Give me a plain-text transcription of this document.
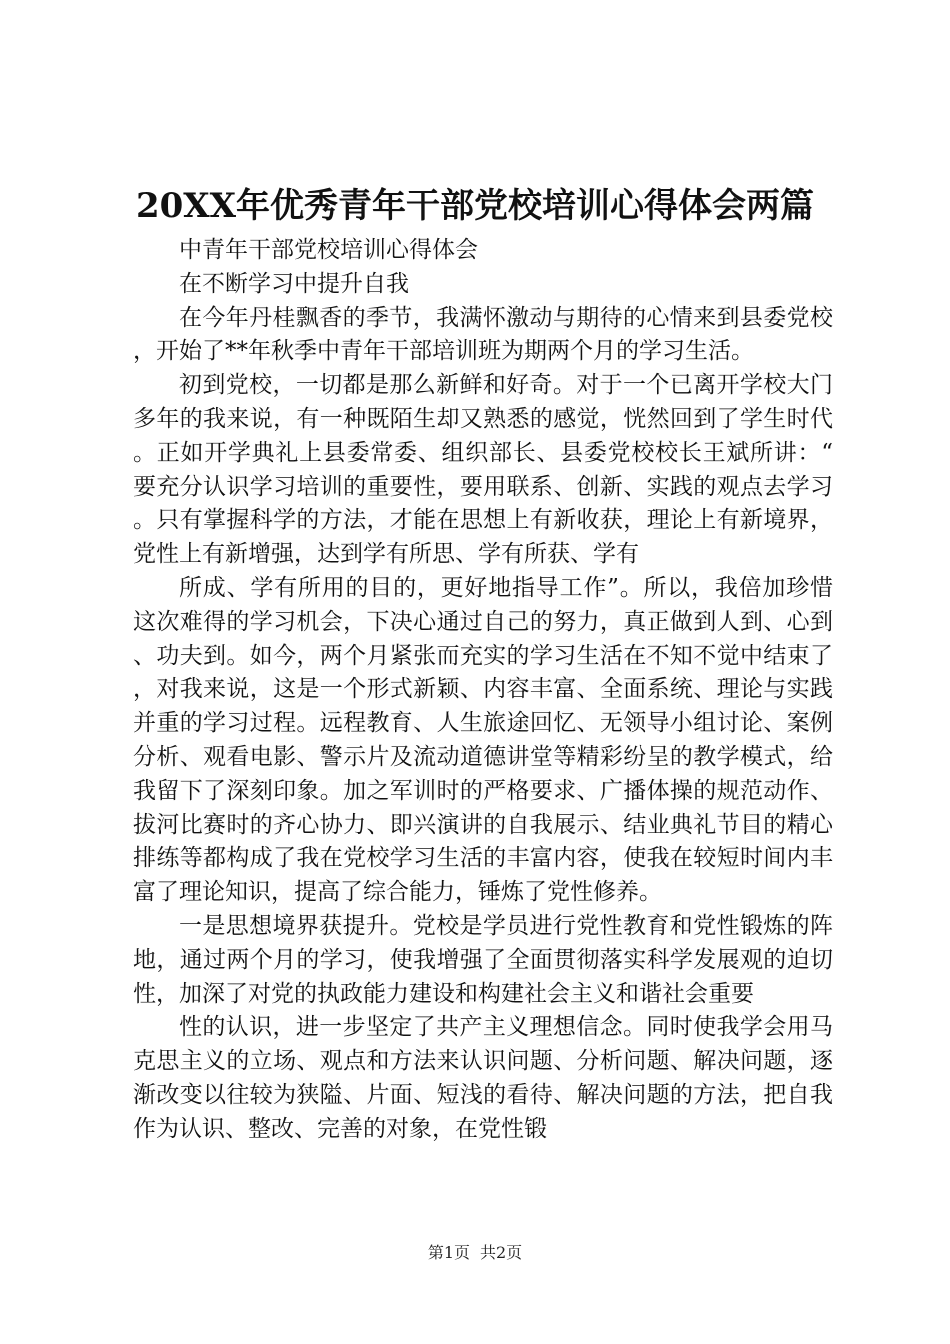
20XX年优秀青年干部党校培训心得体会两篇

中青年干部党校培训心得体会

在不断学习中提升自我

在今年丹桂飘香的季节，我满怀激动与期待的心情来到县委党校，开始了**年秋季中青年干部培训班为期两个月的学习生活。

初到党校，一切都是那么新鲜和好奇。对于一个已离开学校大门多年的我来说，有一种既陌生却又熟悉的感觉，恍然回到了学生时代。正如开学典礼上县委常委、组织部长、县委党校校长王斌所讲：“要充分认识学习培训的重要性，要用联系、创新、实践的观点去学习。只有掌握科学的方法，才能在思想上有新收获，理论上有新境界，党性上有新增强，达到学有所思、学有所获、学有

所成、学有所用的目的，更好地指导工作”。所以，我倍加珍惜这次难得的学习机会，下决心通过自己的努力，真正做到人到、心到、功夫到。如今，两个月紧张而充实的学习生活在不知不觉中结束了，对我来说，这是一个形式新颖、内容丰富、全面系统、理论与实践并重的学习过程。远程教育、人生旅途回忆、无领导小组讨论、案例分析、观看电影、警示片及流动道德讲堂等精彩纷呈的教学模式，给我留下了深刻印象。加之军训时的严格要求、广播体操的规范动作、拔河比赛时的齐心协力、即兴演讲的自我展示、结业典礼节目的精心排练等都构成了我在党校学习生活的丰富内容，使我在较短时间内丰富了理论知识，提高了综合能力，锤炼了党性修养。

一是思想境界获提升。党校是学员进行党性教育和党性锻炼的阵地，通过两个月的学习，使我增强了全面贯彻落实科学发展观的迫切性，加深了对党的执政能力建设和构建社会主义和谐社会重要

性的认识，进一步坚定了共产主义理想信念。同时使我学会用马克思主义的立场、观点和方法来认识问题、分析问题、解决问题，逐渐改变以往较为狭隘、片面、短浅的看待、解决问题的方法，把自我作为认识、整改、完善的对象，在党性锻

第1页 共2页
